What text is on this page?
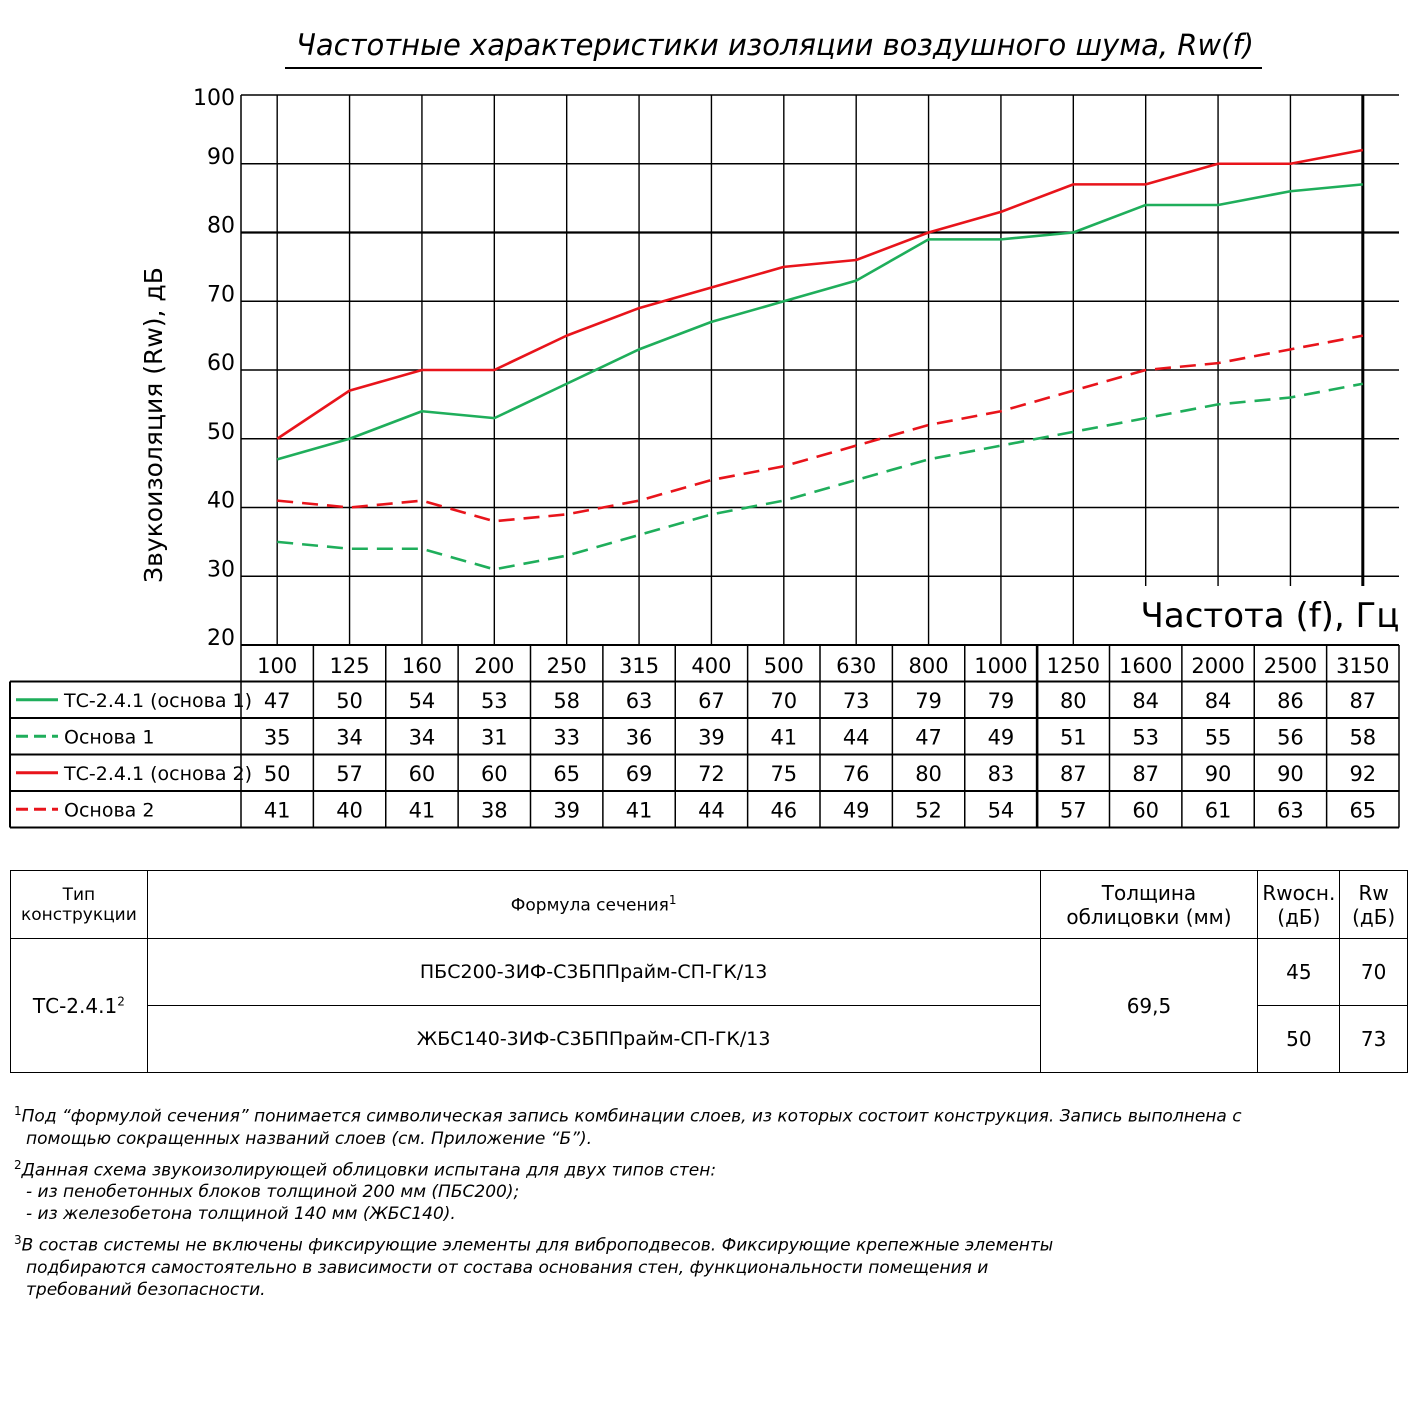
Частотные характеристики изоляции воздушного шума, Rw(f)
Звукоизоляция (Rw), дБ
20
30
40
50
60
70
80
90
100
Частота (f), Гц
100 125 160 200 250 315 400 500 630 800 1000 1250 1600 2000 2500 3150
ТС-2.4.1 (основа 1) 47 50 54 53 58 63 67 70 73 79 79 80 84 84 86 87
Основа 1	35 34 34 31 33 36 39 41 44 47 49 51 53 55 56 58
ТС-2.4.1 (основа 2) 50 57 60 60 65 69 72 75 76 80 83 87 87 90 90 92
Основа 2	41 40 41 38 39 41 44 46 49 52 54 57 60 61 63 65
Тип конструкции	Формула сечения$^1$	Толщина облицовки (мм)	Rwосн. (дБ)	Rw (дБ)
ТС-2.4.1$^2$	ПБС200-3ИФ-С3БППрайм-СП-ГК/13	69,5	45	70
	ЖБС140-3ИФ-С3БППрайм-СП-ГК/13		50	73
$^1$Под “формулой сечения” понимается символическая запись комбинации слоев, из которых состоит конструкция. Запись выполнена с
помощью сокращенных названий слоев (см. Приложение “Б”).
$^2$Данная схема звукоизолирующей облицовки испытана для двух типов стен:
- из пенобетонных блоков толщиной 200 мм (ПБС200);
- из железобетона толщиной 140 мм (ЖБС140).
$^3$В состав системы не включены фиксирующие элементы для виброподвесов. Фиксирующие крепежные элементы
подбираются самостоятельно в зависимости от состава основания стен, функциональности помещения и
требований безопасности.
